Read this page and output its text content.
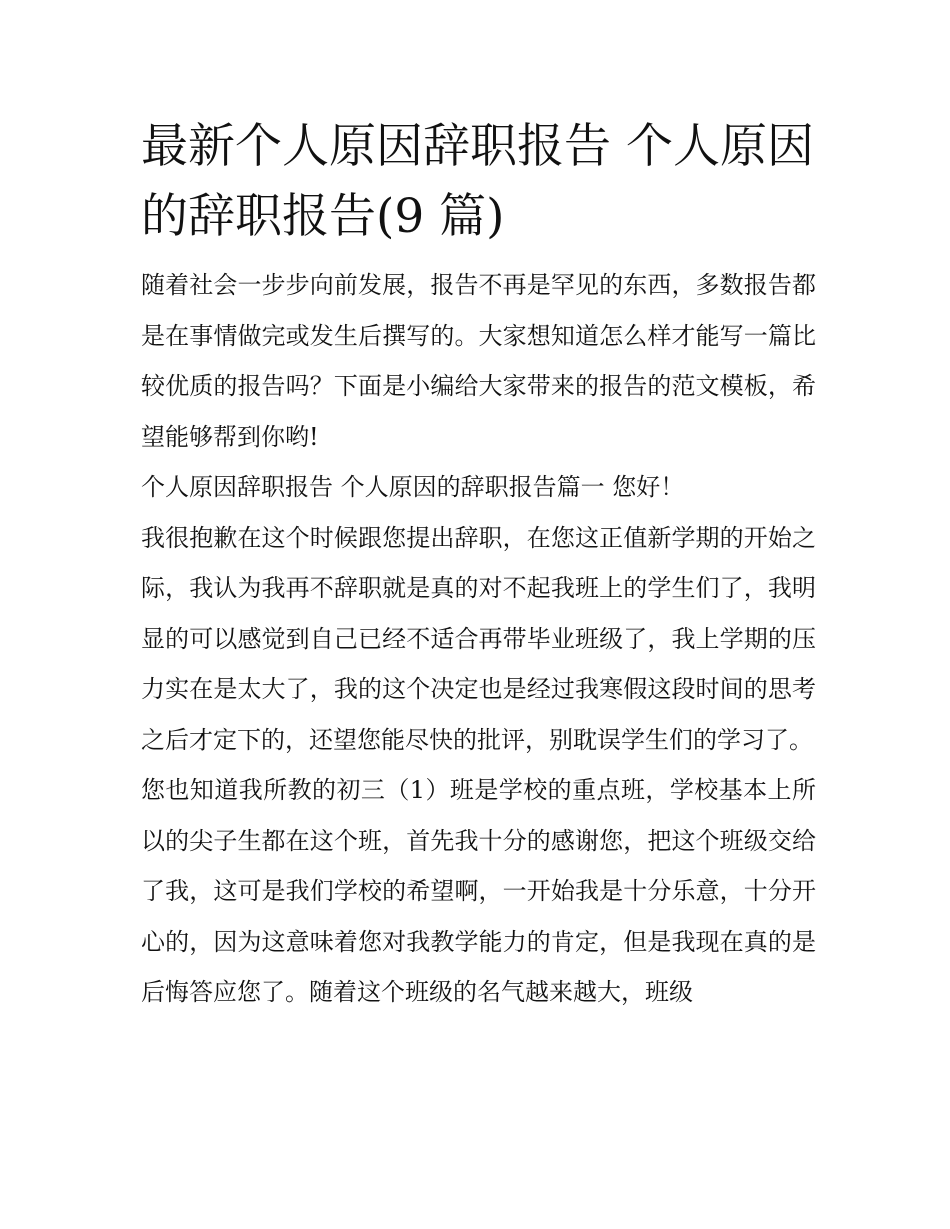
最新个人原因辞职报告 个人原因的辞职报告(9 篇)

随着社会一步步向前发展，报告不再是罕见的东西，多数报告都是在事情做完或发生后撰写的。大家想知道怎么样才能写一篇比较优质的报告吗？下面是小编给大家带来的报告的范文模板，希望能够帮到你哟!

个人原因辞职报告 个人原因的辞职报告篇一 您好！

我很抱歉在这个时候跟您提出辞职，在您这正值新学期的开始之际，我认为我再不辞职就是真的对不起我班上的学生们了，我明显的可以感觉到自己已经不适合再带毕业班级了，我上学期的压力实在是太大了，我的这个决定也是经过我寒假这段时间的思考之后才定下的，还望您能尽快的批评，别耽误学生们的学习了。

您也知道我所教的初三（1）班是学校的重点班，学校基本上所以的尖子生都在这个班，首先我十分的感谢您，把这个班级交给了我，这可是我们学校的希望啊，一开始我是十分乐意，十分开心的，因为这意味着您对我教学能力的肯定，但是我现在真的是后悔答应您了。随着这个班级的名气越来越大，班级
